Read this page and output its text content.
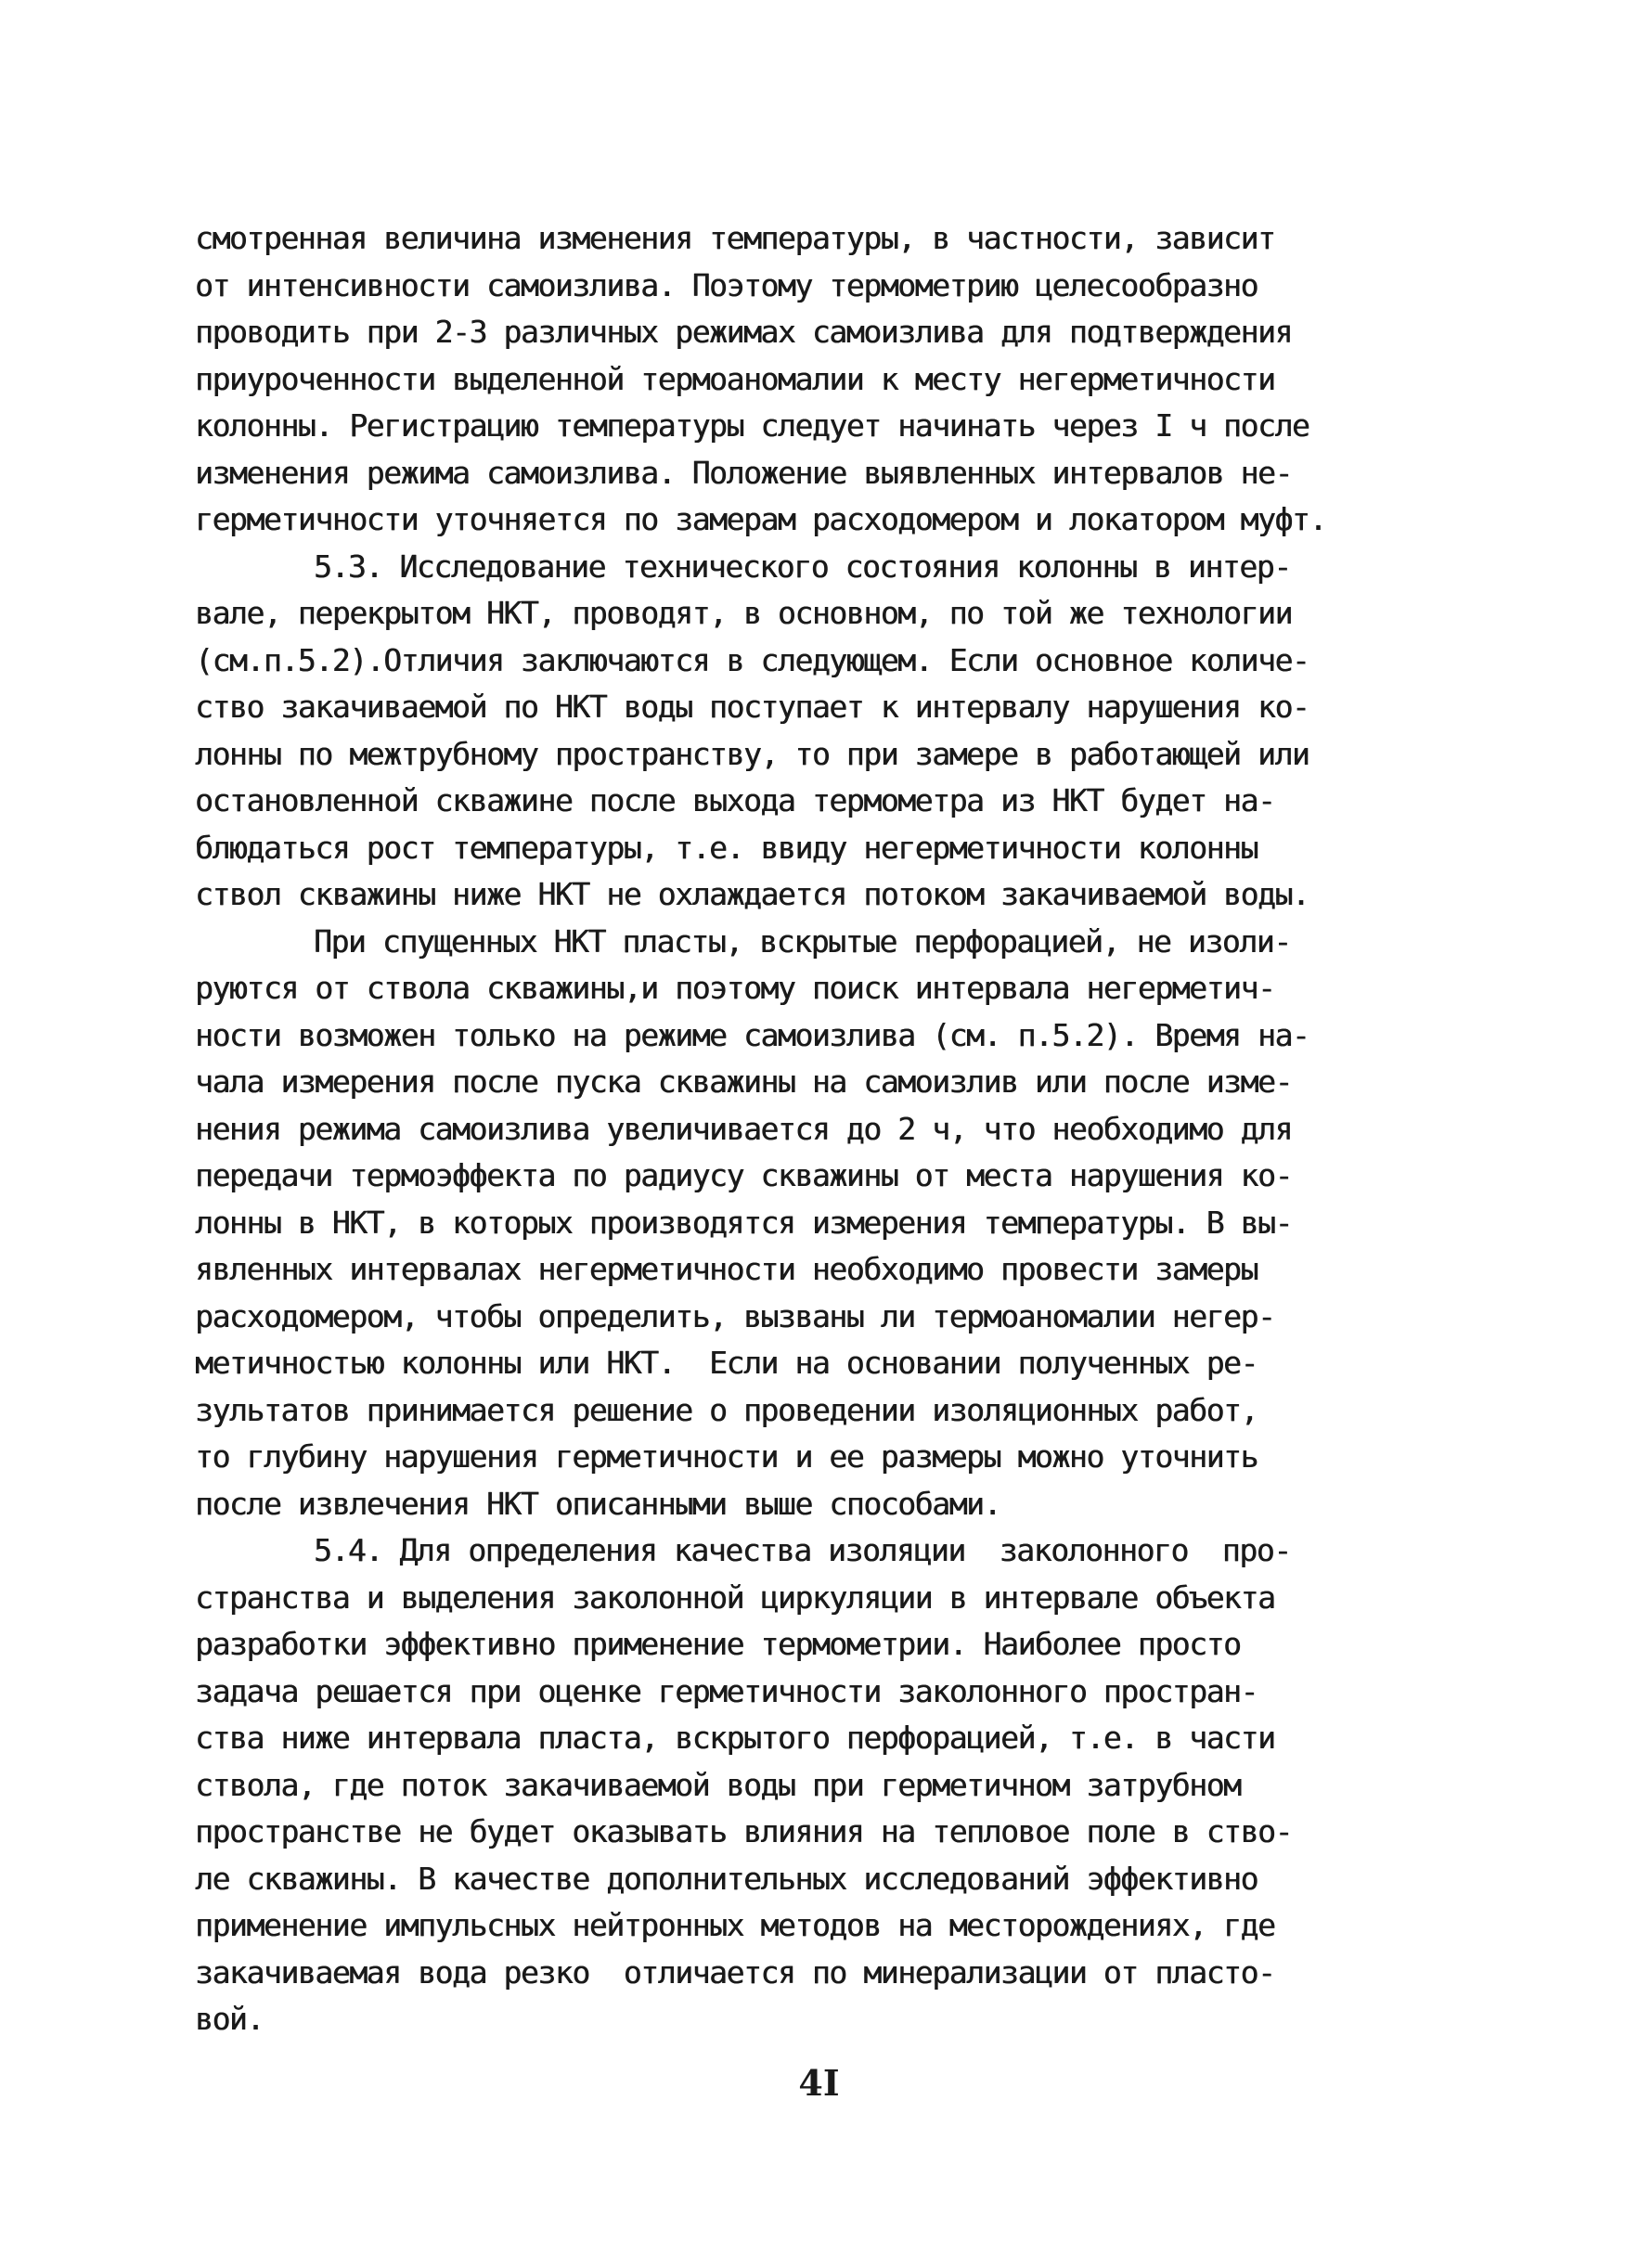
смотренная величина изменения температуры, в частности, зависит
от интенсивности самоизлива. Поэтому термометрию целесообразно
проводить при 2-3 различных режимах самоизлива для подтверждения
приуроченности выделенной термоаномалии к месту негерметичности
колонны. Регистрацию температуры следует начинать через I ч после
изменения режима самоизлива. Положение выявленных интервалов не-
герметичности уточняется по замерам расходомером и локатором муфт.
5.3. Исследование технического состояния колонны в интер-
вале, перекрытом НКТ, проводят, в основном, по той же технологии
(см.п.5.2).Отличия заключаются в следующем. Если основное количе-
ство закачиваемой по НКТ воды поступает к интервалу нарушения ко-
лонны по межтрубному пространству, то при замере в работающей или
остановленной скважине после выхода термометра из НКТ будет на-
блюдаться рост температуры, т.е. ввиду негерметичности колонны
ствол скважины ниже НКТ не охлаждается потоком закачиваемой воды.
При спущенных НКТ пласты, вскрытые перфорацией, не изоли-
руются от ствола скважины,и поэтому поиск интервала негерметич-
ности возможен только на режиме самоизлива (см. п.5.2). Время на-
чала измерения после пуска скважины на самоизлив или после изме-
нения режима самоизлива увеличивается до 2 ч, что необходимо для
передачи термоэффекта по радиусу скважины от места нарушения ко-
лонны в НКТ, в которых производятся измерения температуры. В вы-
явленных интервалах негерметичности необходимо провести замеры
расходомером, чтобы определить, вызваны ли термоаномалии негер-
метичностью колонны или НКТ.  Если на основании полученных ре-
зультатов принимается решение о проведении изоляционных работ,
то глубину нарушения герметичности и ее размеры можно уточнить
после извлечения НКТ описанными выше способами.
5.4. Для определения качества изоляции  заколонного  про-
странства и выделения заколонной циркуляции в интервале объекта
разработки эффективно применение термометрии. Наиболее просто
задача решается при оценке герметичности заколонного простран-
ства ниже интервала пласта, вскрытого перфорацией, т.е. в части
ствола, где поток закачиваемой воды при герметичном затрубном
пространстве не будет оказывать влияния на тепловое поле в ство-
ле скважины. В качестве дополнительных исследований эффективно
применение импульсных нейтронных методов на месторождениях, где
закачиваемая вода резко  отличается по минерализации от пласто-
вой.
4I
